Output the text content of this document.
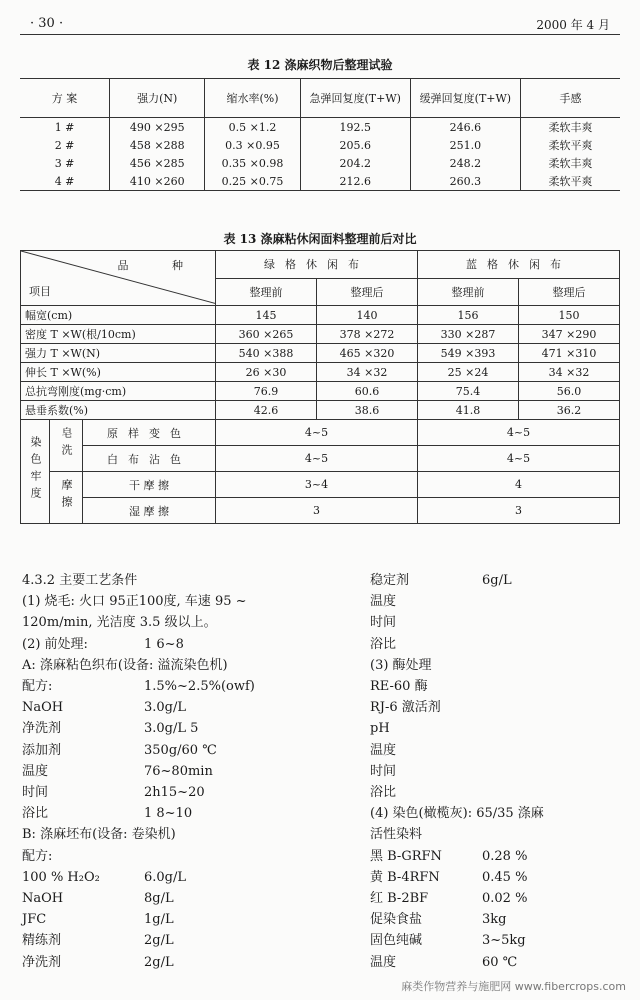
· 30 ·	2000 年 4 月
表 12 涤麻织物后整理试验
方 案	强力(N)	缩水率(%)	急弹回复度(T+W)	缓弹回复度(T+W)	手感
1 #	490 ×295	0.5 ×1.2	192.5	246.6	柔软丰爽
2 #	458 ×288	0.3 ×0.95	205.6	251.0	柔软平爽
3 #	456 ×285	0.35 ×0.98	204.2	248.2	柔软丰爽
4 #	410 ×260	0.25 ×0.75	212.6	260.3	柔软平爽
表 13 涤麻粘休闲面料整理前后对比
品 种
项目			绿格休闲布		蓝格休闲布	
			整理前	整理后	整理前	整理后
幅宽(cm)			145	140	156	150
密度 T ×W(根/10cm)			360 ×265	378 ×272	330 ×287	347 ×290
强力 T ×W(N)			540 ×388	465 ×320	549 ×393	471 ×310
伸长 T ×W(%)			26 ×30	34 ×32	25 ×24	34 ×32
总抗弯刚度(mg·cm)			76.9	60.6	75.4	56.0
悬垂系数(%)			42.6	38.6	41.8	36.2
染色牢度	皂洗	原样变色	4~5		4~5	
		白布沾色	4~5		4~5	
	摩擦	干 摩 擦	3~4		4	
		湿 摩 擦	3		3	
4.3.2 主要工艺条件
(1) 烧毛: 火口 95正100度, 车速 95 ~
120m/min, 光洁度 3.5 级以上。
(2) 前处理:	1 6~8
A: 涤麻粘色织布(设备: 溢流染色机)
配方:	1.5%~2.5%(owf)
NaOH	3.0g/L
净洗剂	3.0g/L 5
添加剂	350g/60 ℃
温度	76~80min
时间	2h15~20
浴比	1 8~10
B: 涤麻坯布(设备: 卷染机)
配方:
100 % H₂O₂	6.0g/L
NaOH	8g/L
JFC	1g/L
精练剂	2g/L
净洗剂	2g/L
稳定剂	6g/L
温度
时间
浴比
(3) 酶处理
RE-60 酶
RJ-6 激活剂
pH
温度
时间
浴比
(4) 染色(橄榄灰): 65/35 涤麻
活性染料
黑 B-GRFN	0.28 %
黄 B-4RFN	0.45 %
红 B-2BF	0.02 %
促染食盐	3kg
固色纯碱	3~5kg
温度	60 ℃
麻类作物营养与施肥网 www.fibercrops.com
